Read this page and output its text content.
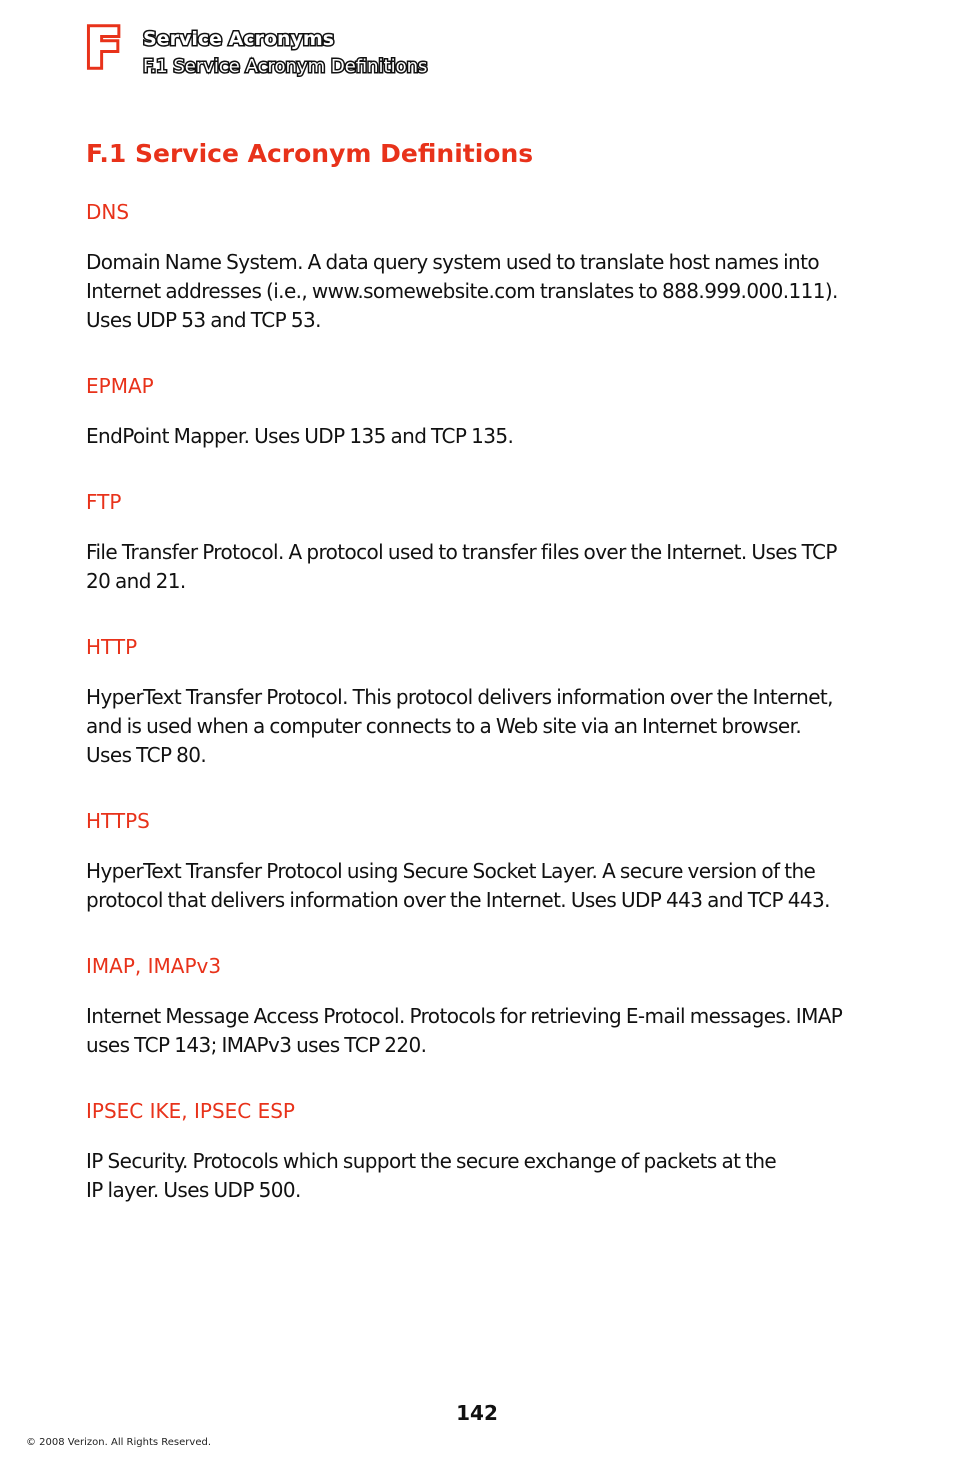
F Service Acronyms
F.1 Service Acronym Definitions
F.1 Service Acronym Definitions

DNS

Domain Name System. A data query system used to translate host names into
Internet addresses (i.e., www.somewebsite.com translates to 888.999.000.111).
Uses UDP 53 and TCP 53.

EPMAP

EndPoint Mapper. Uses UDP 135 and TCP 135.

FTP

File Transfer Protocol. A protocol used to transfer files over the Internet. Uses TCP
20 and 21.

HTTP

HyperText Transfer Protocol. This protocol delivers information over the Internet,
and is used when a computer connects to a Web site via an Internet browser.
Uses TCP 80.

HTTPS

HyperText Transfer Protocol using Secure Socket Layer. A secure version of the
protocol that delivers information over the Internet. Uses UDP 443 and TCP 443.

IMAP, IMAPv3

Internet Message Access Protocol. Protocols for retrieving E-mail messages. IMAP
uses TCP 143; IMAPv3 uses TCP 220.

IPSEC IKE, IPSEC ESP

IP Security. Protocols which support the secure exchange of packets at the
IP layer. Uses UDP 500.

142
© 2008 Verizon. All Rights Reserved.
